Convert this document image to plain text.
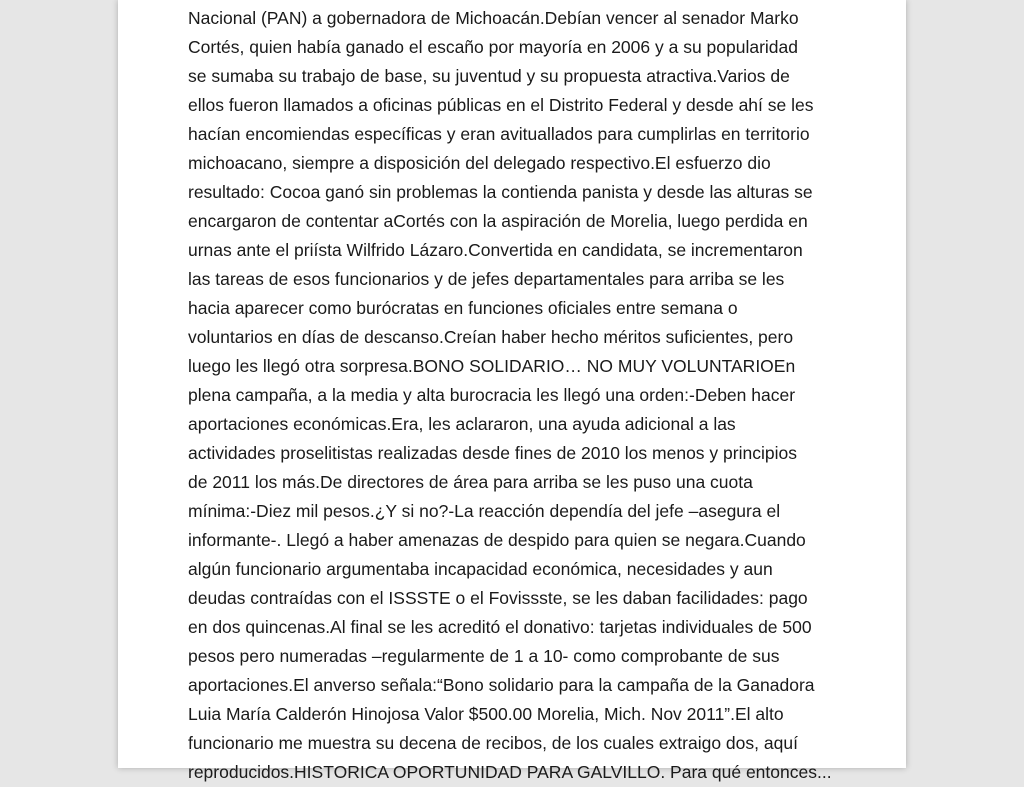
Nacional (PAN) a gobernadora de Michoacán.Debían vencer al senador Marko
Cortés, quien había ganado el escaño por mayoría en 2006 y a su popularidad
se sumaba su trabajo de base, su juventud y su propuesta atractiva.Varios de
ellos fueron llamados a oficinas públicas en el Distrito Federal y desde ahí se les
hacían encomiendas específicas y eran avituallados para cumplirlas en territorio
michoacano, siempre a disposición del delegado respectivo.El esfuerzo dio
resultado: Cocoa ganó sin problemas la contienda panista y desde las alturas se
encargaron de contentar aCortés con la aspiración de Morelia, luego perdida en
urnas ante el priísta Wilfrido Lázaro.Convertida en candidata, se incrementaron
las tareas de esos funcionarios y de jefes departamentales para arriba se les
hacia aparecer como burócratas en funciones oficiales entre semana o
voluntarios en días de descanso.Creían haber hecho méritos suficientes, pero
luego les llegó otra sorpresa.BONO SOLIDARIO… NO MUY VOLUNTARIOEn
plena campaña, a la media y alta burocracia les llegó una orden:-Deben hacer
aportaciones económicas.Era, les aclararon, una ayuda adicional a las
actividades proselitistas realizadas desde fines de 2010 los menos y principios
de 2011 los más.De directores de área para arriba se les puso una cuota
mínima:-Diez mil pesos.¿Y si no?-La reacción dependía del jefe –asegura el
informante-. Llegó a haber amenazas de despido para quien se negara.Cuando
algún funcionario argumentaba incapacidad económica, necesidades y aun
deudas contraídas con el ISSSTE o el Fovissste, se les daban facilidades: pago
en dos quincenas.Al final se les acreditó el donativo: tarjetas individuales de 500
pesos pero numeradas –regularmente de 1 a 10- como comprobante de sus
aportaciones.El anverso señala:“Bono solidario para la campaña de la Ganadora
Luia María Calderón Hinojosa Valor $500.00 Morelia, Mich. Nov 2011”.El alto
funcionario me muestra su decena de recibos, de los cuales extraigo dos, aquí
reproducidos.HISTORICA OPORTUNIDAD PARA GALVILLO. Para qué entonces...
